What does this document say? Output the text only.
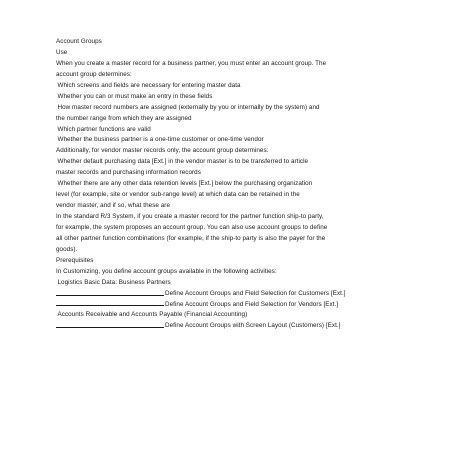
Account Groups
Use
When you create a master record for a business partner, you must enter an account group. The
account group determines:
Which screens and fields are necessary for entering master data
Whether you can or must make an entry in these fields
How master record numbers are assigned (externally by you or internally by the system) and
the number range from which they are assigned
Which partner functions are valid
Whether the business partner is a one-time customer or one-time vendor
Additionally, for vendor master records only, the account group determines:
Whether default purchasing data [Ext.] in the vendor master is to be transferred to article
master records and purchasing information records
Whether there are any other data retention levels [Ext.] below the purchasing organization
level (for example, site or vendor sub-range level) at which data can be retained in the
vendor master, and if so, what these are
In the standard R/3 System, if you create a master record for the partner function ship-to party,
for example, the system proposes an account group. You can also use account groups to define
all other partner function combinations (for example, if the ship-to party is also the payer for the
goods).
Prerequisites
In Customizing, you define account groups available in the following activities:
Logistics Basic Data: Business Partners
Define Account Groups and Field Selection for Customers [Ext.]
Define Account Groups and Field Selection for Vendors [Ext.]
Accounts Receivable and Accounts Payable (Financial Accounting)
Define Account Groups with Screen Layout (Customers) [Ext.]
